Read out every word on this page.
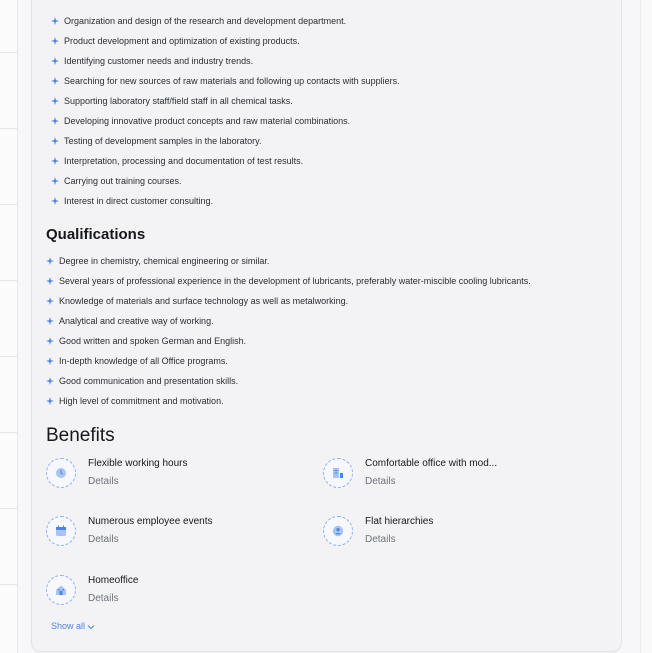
Organization and design of the research and development department.
Product development and optimization of existing products.
Identifying customer needs and industry trends.
Searching for new sources of raw materials and following up contacts with suppliers.
Supporting laboratory staff/field staff in all chemical tasks.
Developing innovative product concepts and raw material combinations.
Testing of development samples in the laboratory.
Interpretation, processing and documentation of test results.
Carrying out training courses.
Interest in direct customer consulting.
Qualifications
Degree in chemistry, chemical engineering or similar.
Several years of professional experience in the development of lubricants, preferably water-miscible cooling lubricants.
Knowledge of materials and surface technology as well as metalworking.
Analytical and creative way of working.
Good written and spoken German and English.
In-depth knowledge of all Office programs.
Good communication and presentation skills.
High level of commitment and motivation.
Benefits
Flexible working hours
Details
Comfortable office with mod...
Details
Numerous employee events
Details
Flat hierarchies
Details
Homeoffice
Details
Show all
